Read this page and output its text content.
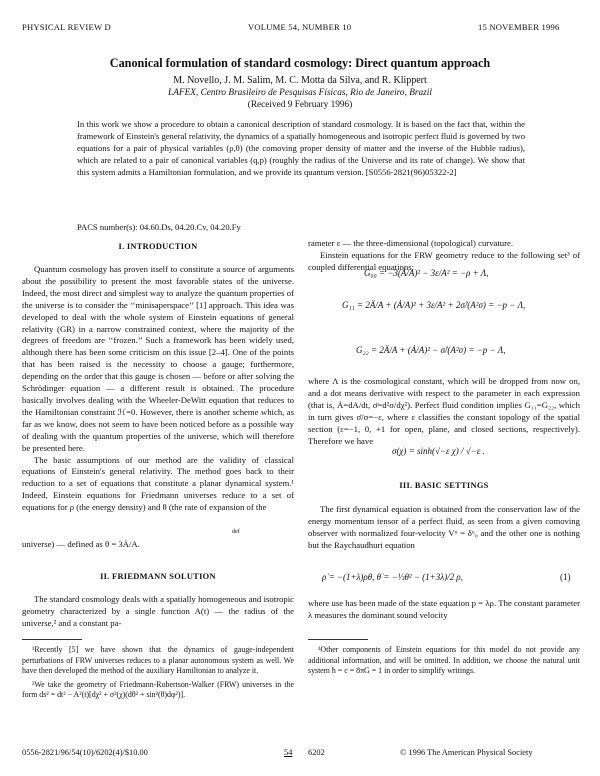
PHYSICAL REVIEW D	VOLUME 54, NUMBER 10	15 NOVEMBER 1996
Canonical formulation of standard cosmology: Direct quantum approach
M. Novello, J. M. Salim, M. C. Motta da Silva, and R. Klippert
LAFEX, Centro Brasileiro de Pesquisas Físicas, Rio de Janeiro, Brazil
(Received 9 February 1996)
In this work we show a procedure to obtain a canonical description of standard cosmology. It is based on the fact that, within the framework of Einstein's general relativity, the dynamics of a spatially homogeneous and isotropic perfect fluid is governed by two equations for a pair of physical variables (ρ,θ) (the comoving proper density of matter and the inverse of the Hubble radius), which are related to a pair of canonical variables (q,p) (roughly the radius of the Universe and its rate of change). We show that this system admits a Hamiltonian formulation, and we provide its quantum version. [S0556-2821(96)05322-2]
PACS number(s): 04.60.Ds, 04.20.Cv, 04.20.Fy
I. INTRODUCTION

Quantum cosmology has proven itself to constitute a source of arguments about the possibility to present the most favorable states of the universe. Indeed, the most direct and simplest way to analyze the quantum properties of the universe is to consider the ‘‘minisaperspace’’ [1] approach. This idea was developed to deal with the whole system of Einstein equations of general relativity (GR) in a narrow constrained context, where the majority of the degrees of freedom are ‘‘frozen.’’ Such a framework has been widely used, although there has been some criticism on this issue [2–4]. One of the points that has been raised is the necessity to choose a gauge; furthermore, depending on the order that this gauge is chosen — before or after solving the Schrödinger equation — a different result is obtained. The procedure basically involves dealing with the Wheeler-DeWitt equation that reduces to the Hamiltonian constraint ℋ=0. However, there is another scheme which, as far as we know, does not seem to have been noticed before as a possible way of dealing with the quantum properties of the universe, which will therefore be presented here.

The basic assumptions of our method are the validity of classical equations of Einstein's general relativity. The method goes back to their reduction to a set of equations that constitute a planar dynamical system.¹ Indeed, Einstein equations for Friedmann universes reduce to a set of equations for ρ (the energy density) and θ (the rate of expansion of the

def
universe) — defined as θ = 3Ȧ/A.
II. FRIEDMANN SOLUTION

The standard cosmology deals with a spatially homogeneous and isotropic geometry characterized by a single function A(t) — the radius of the universe,² and a constant pa-

¹Recently [5] we have shown that the dynamics of gauge-independent perturbations of FRW universes reduces to a planar autonomous system as well. We have then developed the method of the auxiliary Hamiltonian to analyze it.

²We take the geometry of Friedmann-Robertson-Walker (FRW) universes in the form ds² = dt² − A²(t)[dχ² + σ²(χ)(dθ² + sin²(θ)dφ²)].

rameter ε — the three-dimensional (topological) curvature.

Einstein equations for the FRW geometry reduce to the following set³ of coupled differential equations:

G₀₀ = −3(Ȧ/A)² − 3ε/A² = −ρ + Λ,
G₁₁ = 2Ä/A + (Ȧ/A)² + 3ε/A² + 2σ̈/(A²σ) = −p − Λ,
G₂₂ = 2Ä/A + (Ȧ/A)² − σ̈/(A²σ) = −p − Λ,

where Λ is the cosmological constant, which will be dropped from now on, and a dot means derivative with respect to the parameter in each expression (that is, Ȧ=dA/dt, σ̈=d²σ/dχ²). Perfect fluid condition implies G₁₁=G₂₂, which in turn gives σ̈/σ=−ε, where ε classifies the constant topology of the spatial section (ε=−1, 0, +1 for open, plane, and closed sections, respectively). Therefore we have

σ(χ) = sinh(√−ε χ) / √−ε .
III. BASIC SETTINGS

The first dynamical equation is obtained from the conservation law of the energy momentum tensor of a perfect fluid, as seen from a given comoving observer with normalized four-velocity Vᵘ = δᵘ₀ and the other one is nothing but the Raychaudhuri equation

ρ̇ = −(1+λ)ρθ, θ̇ = −⅓θ² − (1+3λ)/2 ρ,	(1)

where use has been made of the state equation p = λρ. The constant parameter λ measures the dominant sound velocity

³Other components of Einstein equations for this model do not provide any additional information, and will be omitted. In addition, we choose the natural unit system ħ = c = 8πG = 1 in order to simplify writings.

0556-2821/96/54(10)/6202(4)/$10.00	54 6202	© 1996 The American Physical Society
